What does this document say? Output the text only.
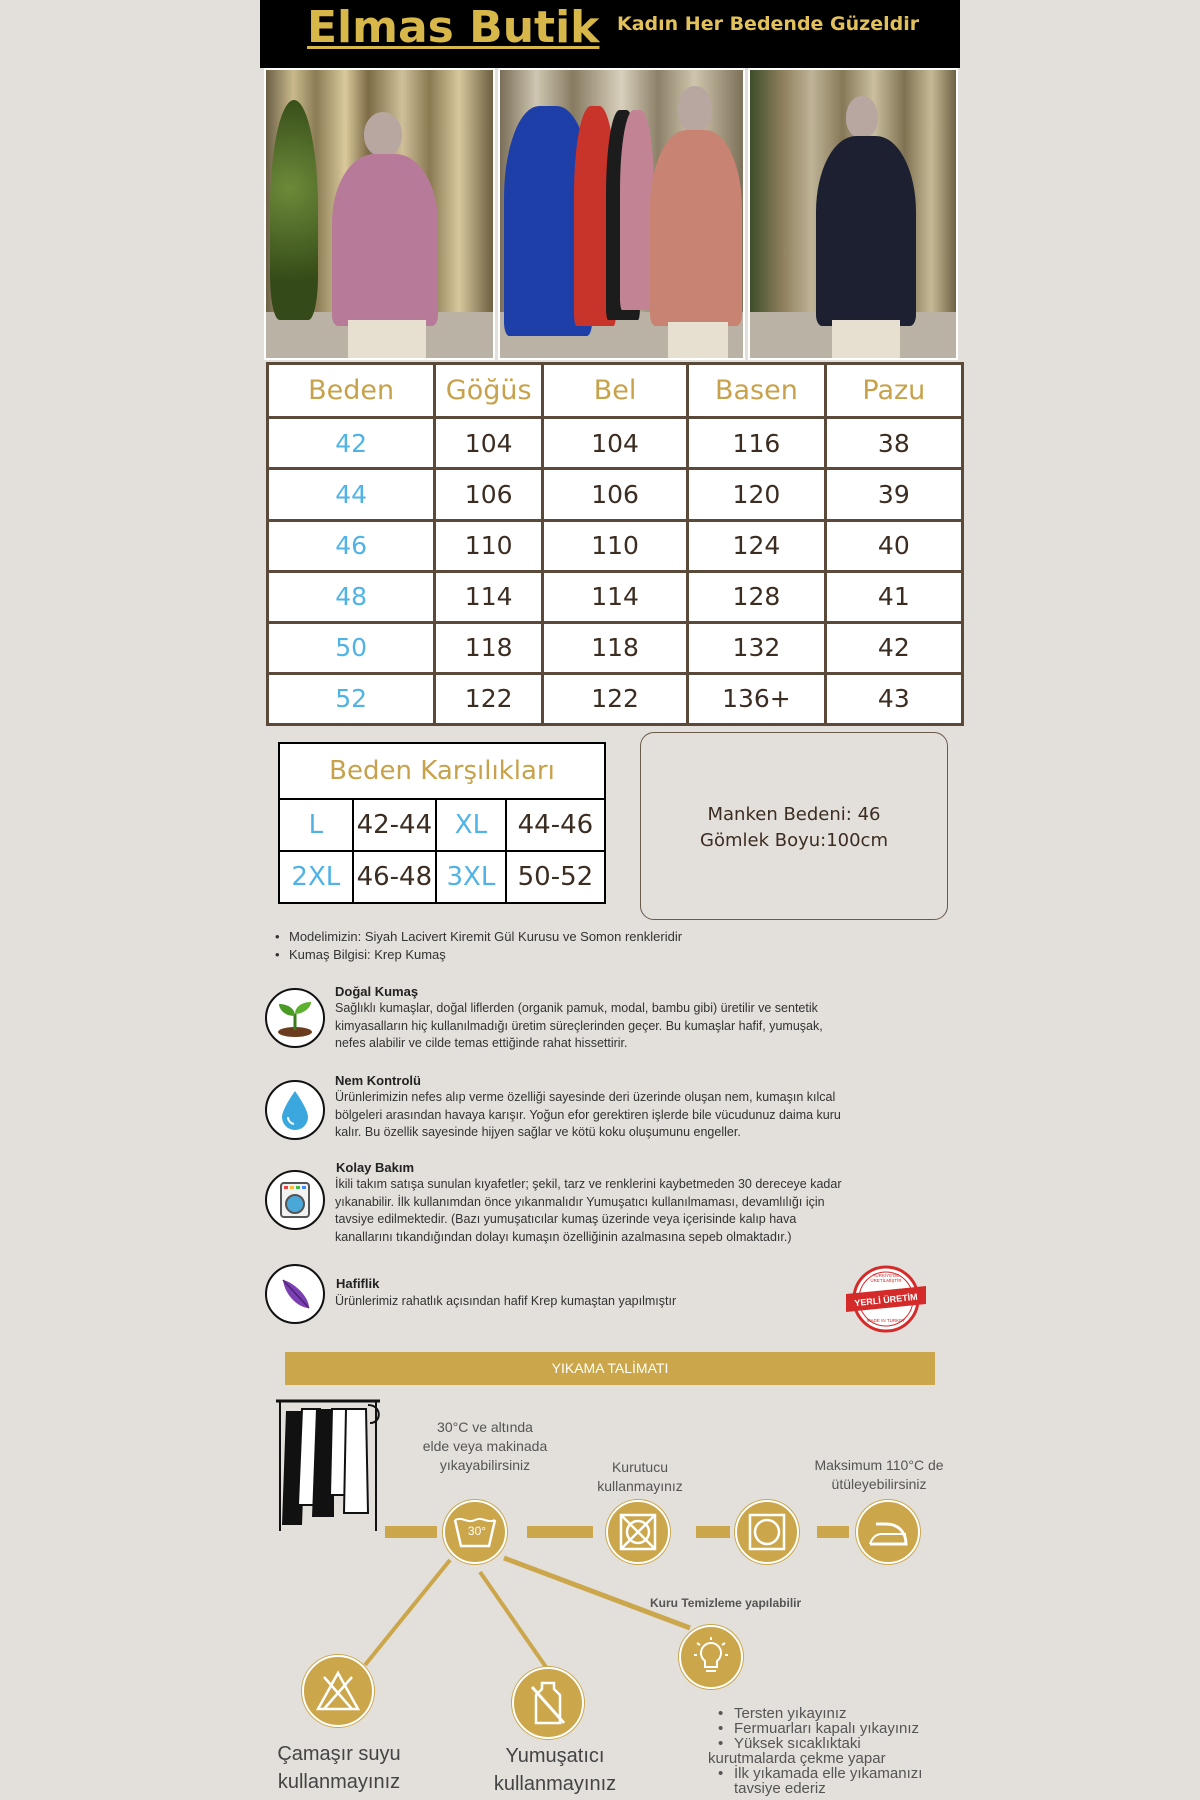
Elmas Butik Kadın Her Bedende Güzeldir
Beden	Göğüs	Bel	Basen	Pazu
42	104	104	116	38
44	106	106	120	39
46	110	110	124	40
48	114	114	128	41
50	118	118	132	42
52	122	122	136+	43
Beden Karşılıkları			
L	42-44	XL	44-46
2XL	46-48	3XL	50-52
Manken Bedeni: 46
Gömlek Boyu:100cm
• Modelimizin: Siyah Lacivert Kiremit Gül Kurusu ve Somon renkleridir
• Kumaş Bilgisi: Krep Kumaş
Doğal Kumaş
Sağlıklı kumaşlar, doğal liflerden (organik pamuk, modal, bambu gibi) üretilir ve sentetik
kimyasalların hiç kullanılmadığı üretim süreçlerinden geçer. Bu kumaşlar hafif, yumuşak,
nefes alabilir ve cilde temas ettiğinde rahat hissettirir.
Nem Kontrolü
Ürünlerimizin nefes alıp verme özelliği sayesinde deri üzerinde oluşan nem, kumaşın kılcal
bölgeleri arasından havaya karışır. Yoğun efor gerektiren işlerde bile vücudunuz daima kuru
kalır. Bu özellik sayesinde hijyen sağlar ve kötü koku oluşumunu engeller.
Kolay Bakım
İkili takım satışa sunulan kıyafetler; şekil, tarz ve renklerini kaybetmeden 30 dereceye kadar
yıkanabilir. İlk kullanımdan önce yıkanmalıdır Yumuşatıcı kullanılmaması, devamlılığı için
tavsiye edilmektedir. (Bazı yumuşatıcılar kumaş üzerinde veya içerisinde kalıp hava
kanallarını tıkandığından dolayı kumaşın özelliğinin azalmasına sepeb olmaktadır.)
Hafiflik
Ürünlerimiz rahatlık açısından hafif Krep kumaştan yapılmıştır	YERLİ ÜRETİM
TÜRKİYE'DE ÜRETİLMİŞTİR
MADE IN TURKEY
YIKAMA TALİMATI
30°C ve altında
elde veya makinada
yıkayabilirsiniz
30°
Kurutucu
kullanmayınız
Maksimum 110°C de
ütüleyebilirsiniz
Kuru Temizleme yapılabilir
Çamaşır suyu
kullanmayınız
Yumuşatıcı
kullanmayınız
• Tersten yıkayınız
• Fermuarları kapalı yıkayınız
• Yüksek sıcaklıktaki
kurutmalarda çekme yapar
• İlk yıkamada elle yıkamanızı
tavsiye ederiz
